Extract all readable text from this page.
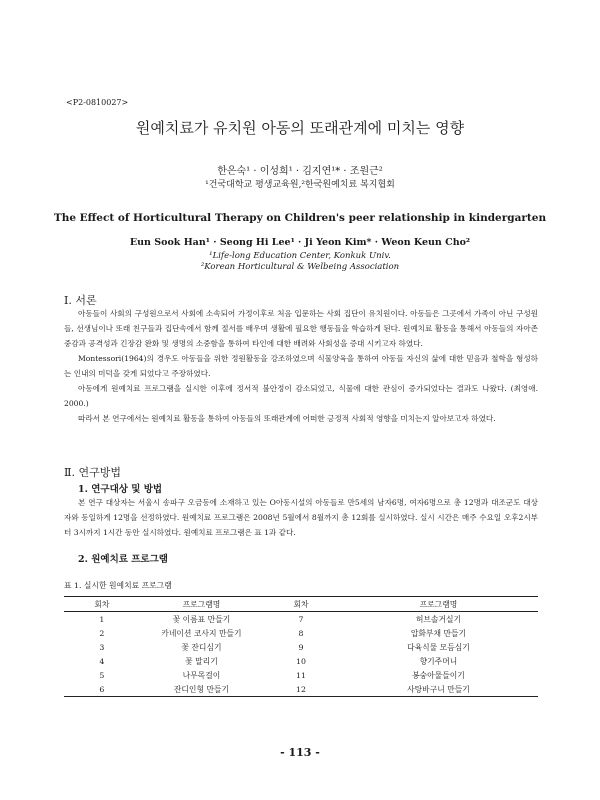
<P2-0810027>
원예치료가 유치원 아동의 또래관계에 미치는 영향
한은숙¹ · 이성희¹ · 김지연¹* · 조원근²
¹건국대학교 평생교육원,²한국원예치료 복지협회
The Effect of Horticultural Therapy on Children's peer relationship in kindergarten
Eun Sook Han¹ · Seong Hi Lee¹ · Ji Yeon Kim* · Weon Keun Cho²
¹Life-long Education Center, Konkuk Univ.
²Korean Horticultural & Welbeing Association
Ⅰ. 서론

아동들이 사회의 구성원으로서 사회에 소속되어 가정이후로 처음 입문하는 사회 집단이 유치원이다. 아동들은 그곳에서 가족이 아닌 구성원들, 선생님이나 또래 친구들과 집단속에서 함께 절서를 배우며 생활에 필요한 행동들을 학습하게 된다. 원예치료 활동을 통해서 아동들의 자아존중감과 공격성과 긴장감 완화 및 생명의 소중함을 통하여 타인에 대한 배려와 사회성을 증대 시키고자 하였다.

Montessori(1964)의 경우도 아동들을 위한 정원활동을 강조하였으며 식물양육을 통하여 아동들 자신의 삶에 대한 믿음과 철학을 형성하는 인내의 미덕을 갖게 되었다고 주장하였다.

아동에게 원예치료 프로그램을 실시한 이후에 정서적 불안정이 감소되었고, 식물에 대한 관심이 증가되었다는 결과도 나왔다. (최영애. 2000.)

따라서 본 연구에서는 원예치료 활동을 통하여 아동들의 또래관계에 어떠한 긍정적 사회적 영향을 미치는지 알아보고자 하였다.

Ⅱ. 연구방법
1. 연구대상 및 방법

본 연구 대상자는 서울시 송파구 오금동에 소재하고 있는 O아동시설의 아동들로 만5세의 남자6명, 여자6명으로 총 12명과 대조군도 대상자와 동일하게 12명을 선정하였다. 원예치료 프로그램은 2008년 5월에서 8월까지 총 12회를 실시하였다. 실시 시간은 매주 수요일 오후2시부터 3시까지 1시간 동안 실시하였다. 원예치료 프로그램은 표 1과 같다.

2. 원예치료 프로그램
표 1. 실시한 원예치료 프로그램
회차	프로그램명	회차	프로그램명
1	꽃 이름표 만들기	7	허브솔거실기
2	카네이션 코사지 만들기	8	압화부채 만들기
3	꽃 잔디심기	9	다육식물 모듬심기
4	꽃 말리기	10	향기주머니
5	나무목걸이	11	봉숭아물들이기
6	잔디인형 만들기	12	사탕바구니 만들기
- 113 -
